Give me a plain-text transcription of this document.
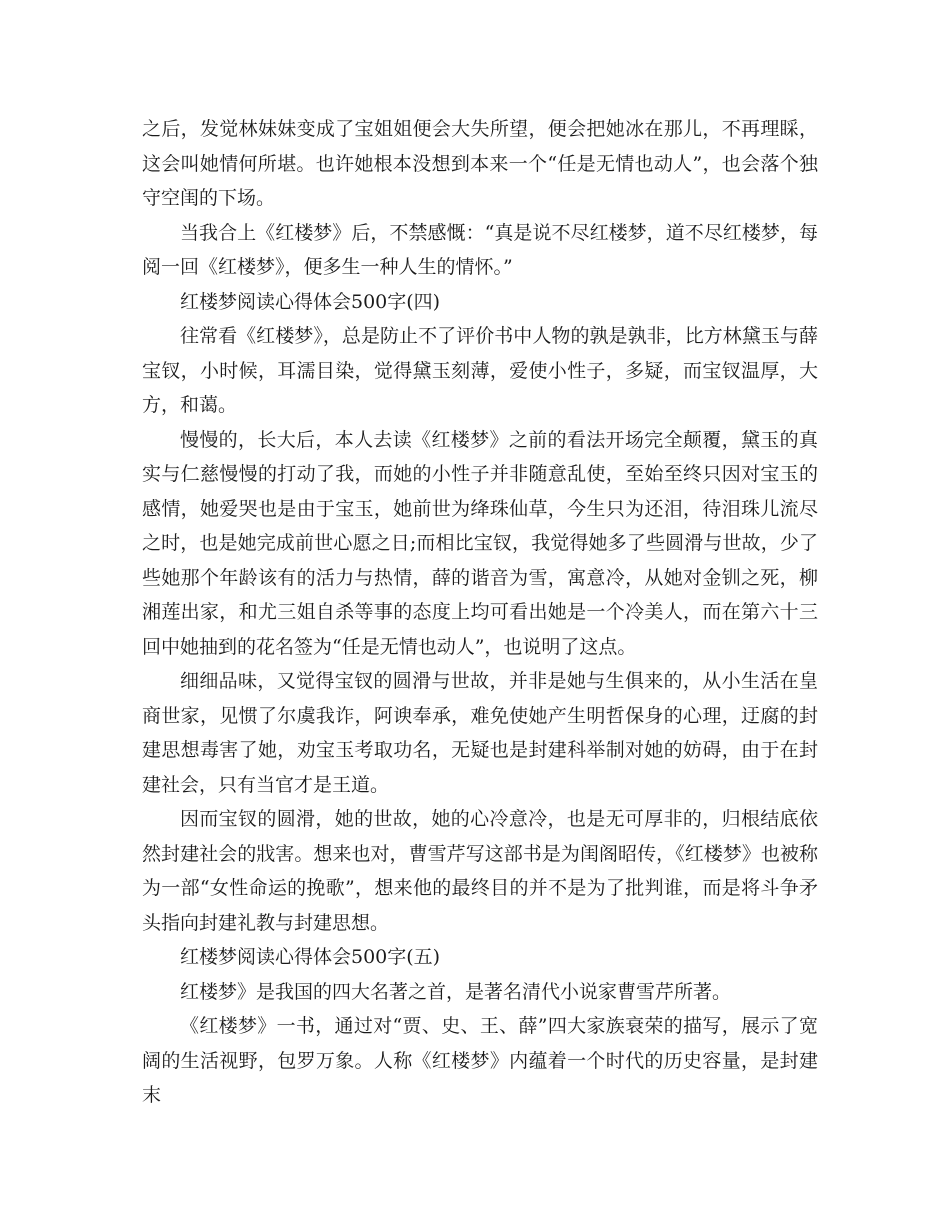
之后，发觉林妹妹变成了宝姐姐便会大失所望，便会把她冰在那儿，不再理睬，这会叫她情何所堪。也许她根本没想到本来一个“任是无情也动人”，也会落个独守空闺的下场。

当我合上《红楼梦》后，不禁感慨：“真是说不尽红楼梦，道不尽红楼梦，每阅一回《红楼梦》，便多生一种人生的情怀。”

红楼梦阅读心得体会500字(四)

往常看《红楼梦》，总是防止不了评价书中人物的孰是孰非，比方林黛玉与薛宝钗，小时候，耳濡目染，觉得黛玉刻薄，爱使小性子，多疑，而宝钗温厚，大方，和蔼。

慢慢的，长大后，本人去读《红楼梦》之前的看法开场完全颠覆，黛玉的真实与仁慈慢慢的打动了我，而她的小性子并非随意乱使，至始至终只因对宝玉的感情，她爱哭也是由于宝玉，她前世为绛珠仙草，今生只为还泪，待泪珠儿流尽之时，也是她完成前世心愿之日;而相比宝钗，我觉得她多了些圆滑与世故，少了些她那个年龄该有的活力与热情，薛的谐音为雪，寓意冷，从她对金钏之死，柳湘莲出家，和尤三姐自杀等事的态度上均可看出她是一个冷美人，而在第六十三回中她抽到的花名签为“任是无情也动人”，也说明了这点。

细细品味，又觉得宝钗的圆滑与世故，并非是她与生俱来的，从小生活在皇商世家，见惯了尔虞我诈，阿谀奉承，难免使她产生明哲保身的心理，迂腐的封建思想毒害了她，劝宝玉考取功名，无疑也是封建科举制对她的妨碍，由于在封建社会，只有当官才是王道。

因而宝钗的圆滑，她的世故，她的心冷意冷，也是无可厚非的，归根结底依然封建社会的戕害。想来也对，曹雪芹写这部书是为闺阁昭传，《红楼梦》也被称为一部“女性命运的挽歌”，想来他的最终目的并不是为了批判谁，而是将斗争矛头指向封建礼教与封建思想。

红楼梦阅读心得体会500字(五)

红楼梦》是我国的四大名著之首，是著名清代小说家曹雪芹所著。

《红楼梦》一书，通过对“贾、史、王、薛”四大家族衰荣的描写，展示了宽阔的生活视野，包罗万象。人称《红楼梦》内蕴着一个时代的历史容量，是封建末
